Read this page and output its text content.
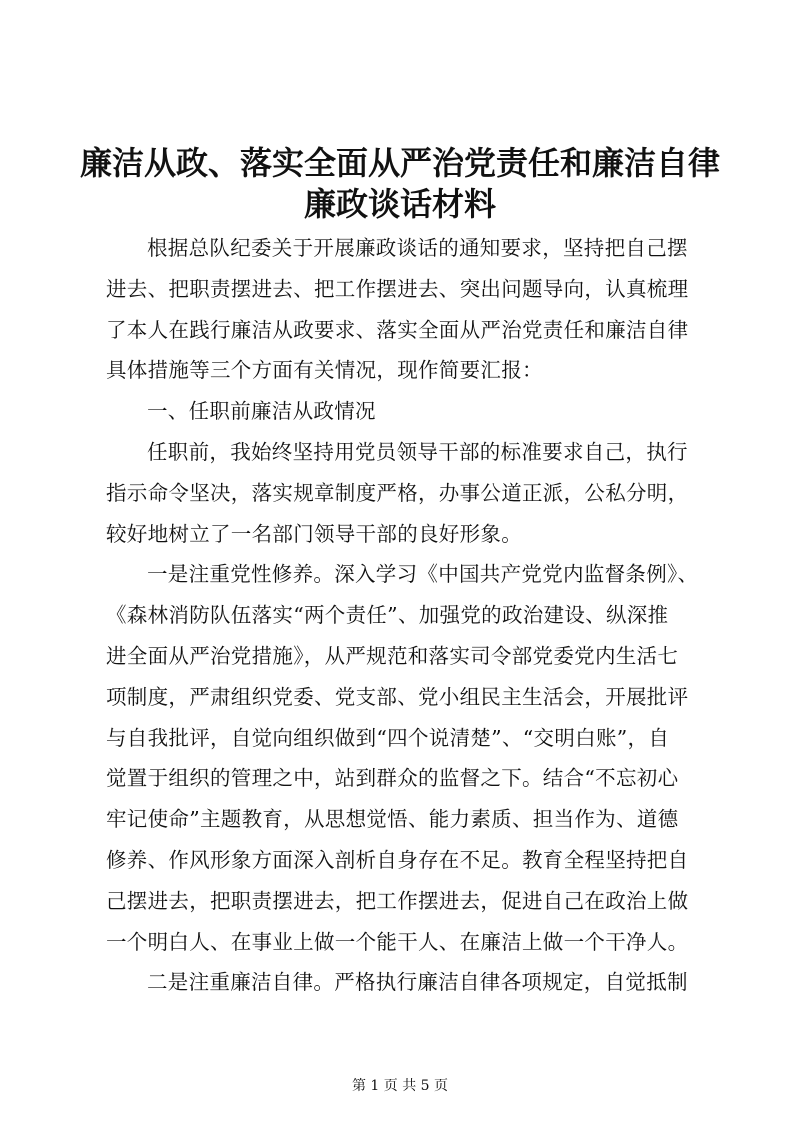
廉洁从政、落实全面从严治党责任和廉洁自律
廉政谈话材料
根据总队纪委关于开展廉政谈话的通知要求，坚持把自己摆
进去、把职责摆进去、把工作摆进去、突出问题导向，认真梳理
了本人在践行廉洁从政要求、落实全面从严治党责任和廉洁自律
具体措施等三个方面有关情况，现作简要汇报：
一、任职前廉洁从政情况
任职前，我始终坚持用党员领导干部的标准要求自己，执行
指示命令坚决，落实规章制度严格，办事公道正派，公私分明，
较好地树立了一名部门领导干部的良好形象。
一是注重党性修养。深入学习《中国共产党党内监督条例》、
《森林消防队伍落实“两个责任”、加强党的政治建设、纵深推
进全面从严治党措施》，从严规范和落实司令部党委党内生活七
项制度，严肃组织党委、党支部、党小组民主生活会，开展批评
与自我批评，自觉向组织做到“四个说清楚”、“交明白账”，自
觉置于组织的管理之中，站到群众的监督之下。结合“不忘初心
牢记使命”主题教育，从思想觉悟、能力素质、担当作为、道德
修养、作风形象方面深入剖析自身存在不足。教育全程坚持把自
己摆进去，把职责摆进去，把工作摆进去，促进自己在政治上做
一个明白人、在事业上做一个能干人、在廉洁上做一个干净人。
二是注重廉洁自律。严格执行廉洁自律各项规定，自觉抵制
第 1 页 共 5 页
